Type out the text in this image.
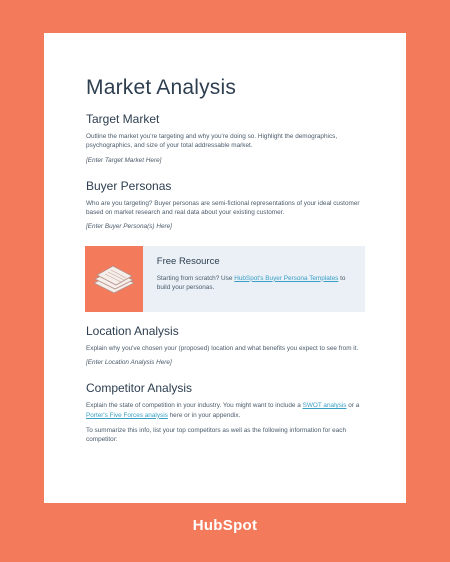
Market Analysis
Target Market

Outline the market you're targeting and why you're doing so. Highlight the demographics, psychographics, and size of your total addressable market.

[Enter Target Market Here]

Buyer Personas

Who are you targeting? Buyer personas are semi-fictional representations of your ideal customer based on market research and real data about your existing customer.

[Enter Buyer Persona(s) Here]

Free Resource
Starting from scratch? Use HubSpot's Buyer Persona Templates to build your personas.
Location Analysis

Explain why you've chosen your (proposed) location and what benefits you expect to see from it.

[Enter Location Analysis Here]

Competitor Analysis

Explain the state of competition in your industry. You might want to include a SWOT analysis or a Porter's Five Forces analysis here or in your appendix.

To summarize this info, list your top competitors as well as the following information for each competitor:

HubSpot
